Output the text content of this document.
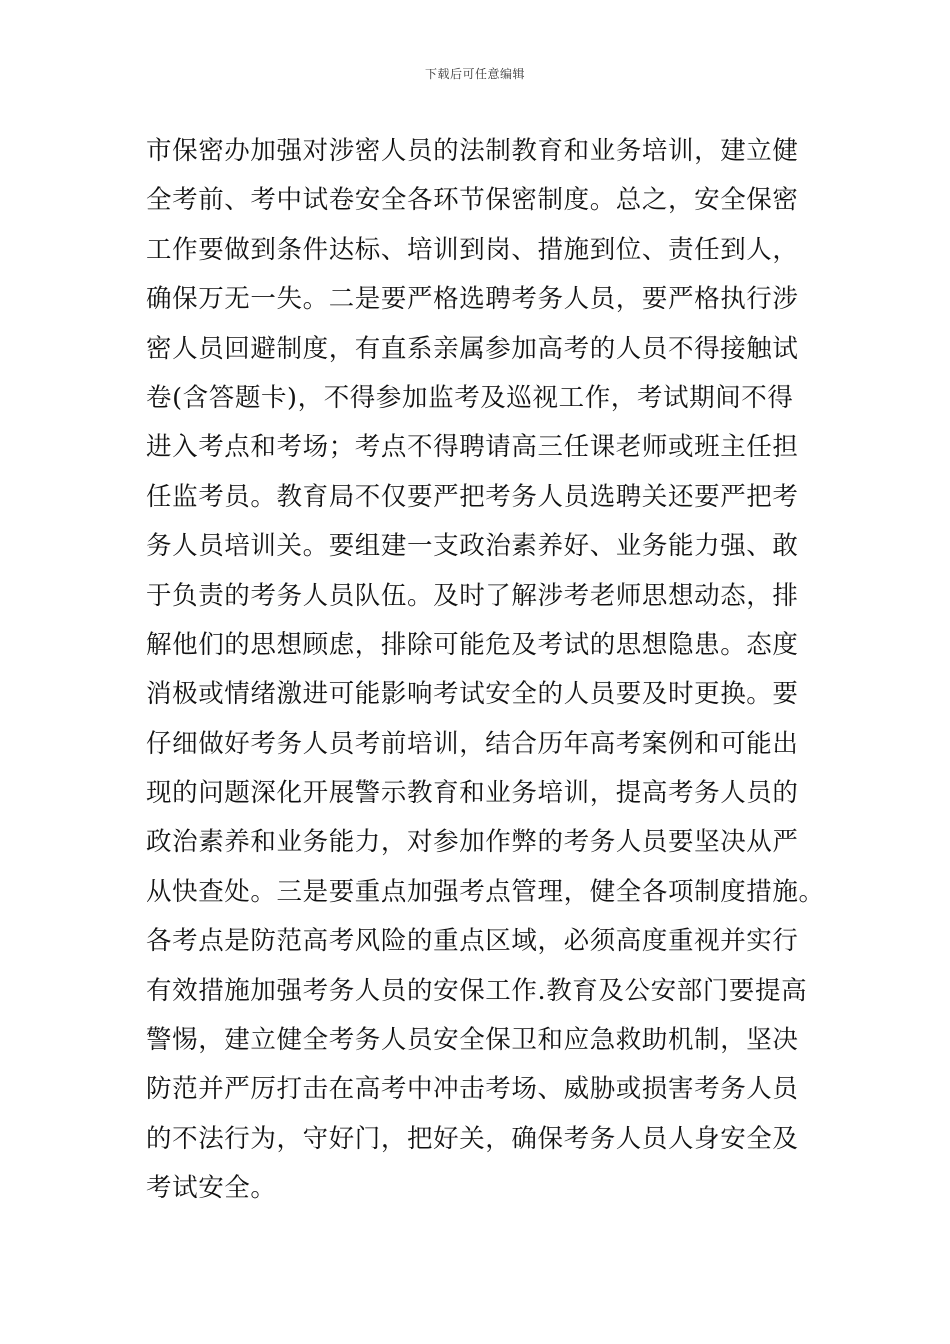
下载后可任意编辑
市保密办加强对涉密人员的法制教育和业务培训，建立健
全考前、考中试卷安全各环节保密制度。总之，安全保密
工作要做到条件达标、培训到岗、措施到位、责任到人，
确保万无一失。二是要严格选聘考务人员，要严格执行涉
密人员回避制度，有直系亲属参加高考的人员不得接触试
卷(含答题卡)，不得参加监考及巡视工作，考试期间不得
进入考点和考场；考点不得聘请高三任课老师或班主任担
任监考员。教育局不仅要严把考务人员选聘关还要严把考
务人员培训关。要组建一支政治素养好、业务能力强、敢
于负责的考务人员队伍。及时了解涉考老师思想动态，排
解他们的思想顾虑，排除可能危及考试的思想隐患。态度
消极或情绪激进可能影响考试安全的人员要及时更换。要
仔细做好考务人员考前培训，结合历年高考案例和可能出
现的问题深化开展警示教育和业务培训，提高考务人员的
政治素养和业务能力，对参加作弊的考务人员要坚决从严
从快查处。三是要重点加强考点管理，健全各项制度措施。
各考点是防范高考风险的重点区域，必须高度重视并实行
有效措施加强考务人员的安保工作.教育及公安部门要提高
警惕，建立健全考务人员安全保卫和应急救助机制，坚决
防范并严厉打击在高考中冲击考场、威胁或损害考务人员
的不法行为，守好门，把好关，确保考务人员人身安全及
考试安全。
